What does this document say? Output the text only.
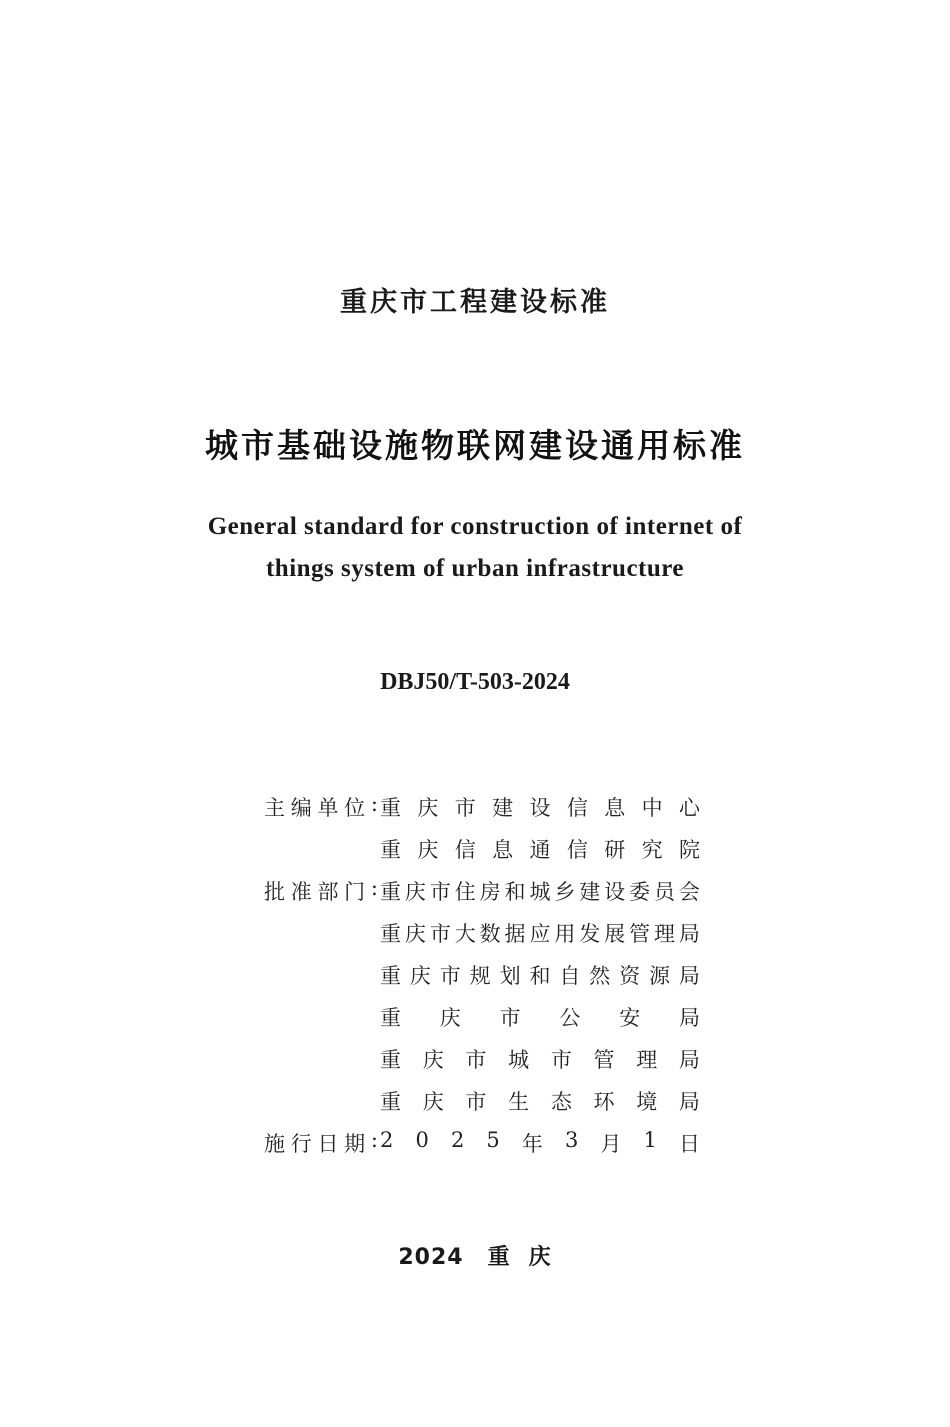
重庆市工程建设标准
城市基础设施物联网建设通用标准
General standard for construction of internet of
things system of urban infrastructure
DBJ50/T-503-2024
主 编 单 位 : 重 庆 市 建 设 信 息 中 心
重 庆 信 息 通 信 研 究 院
批 准 部 门 : 重 庆 市 住 房 和 城 乡 建 设 委 员 会
重 庆 市 大 数 据 应 用 发 展 管 理 局
重 庆 市 规 划 和 自 然 资 源 局
重 庆 市 公 安 局
重 庆 市 城 市 管 理 局
重 庆 市 生 态 环 境 局
施 行 日 期 : 2 0 2 5 年 3 月 1 日
2024 重 庆
